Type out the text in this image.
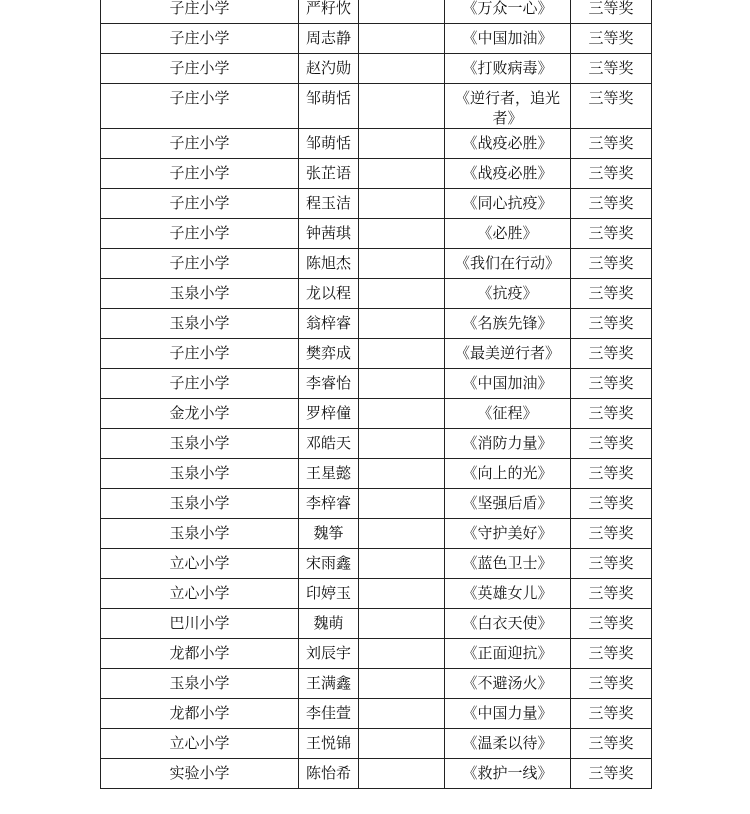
子庄小学	严籽忺		《万众一心》	三等奖
子庄小学	周志静		《中国加油》	三等奖
子庄小学	赵汋勋		《打败病毒》	三等奖
子庄小学	邹萌恬		《逆行者，追光者》	三等奖
子庄小学	邹萌恬		《战疫必胜》	三等奖
子庄小学	张芷语		《战疫必胜》	三等奖
子庄小学	程玉洁		《同心抗疫》	三等奖
子庄小学	钟茜琪		《必胜》	三等奖
子庄小学	陈旭杰		《我们在行动》	三等奖
玉泉小学	龙以程		《抗疫》	三等奖
玉泉小学	翁梓睿		《名族先锋》	三等奖
子庄小学	樊弈成		《最美逆行者》	三等奖
子庄小学	李睿怡		《中国加油》	三等奖
金龙小学	罗梓僮		《征程》	三等奖
玉泉小学	邓皓天		《消防力量》	三等奖
玉泉小学	王星懿		《向上的光》	三等奖
玉泉小学	李梓睿		《坚强后盾》	三等奖
玉泉小学	魏筝		《守护美好》	三等奖
立心小学	宋雨鑫		《蓝色卫士》	三等奖
立心小学	印婷玉		《英雄女儿》	三等奖
巴川小学	魏萌		《白衣天使》	三等奖
龙都小学	刘辰宇		《正面迎抗》	三等奖
玉泉小学	王满鑫		《不避汤火》	三等奖
龙都小学	李佳萱		《中国力量》	三等奖
立心小学	王悦锦		《温柔以待》	三等奖
实验小学	陈怡希		《救护一线》	三等奖
